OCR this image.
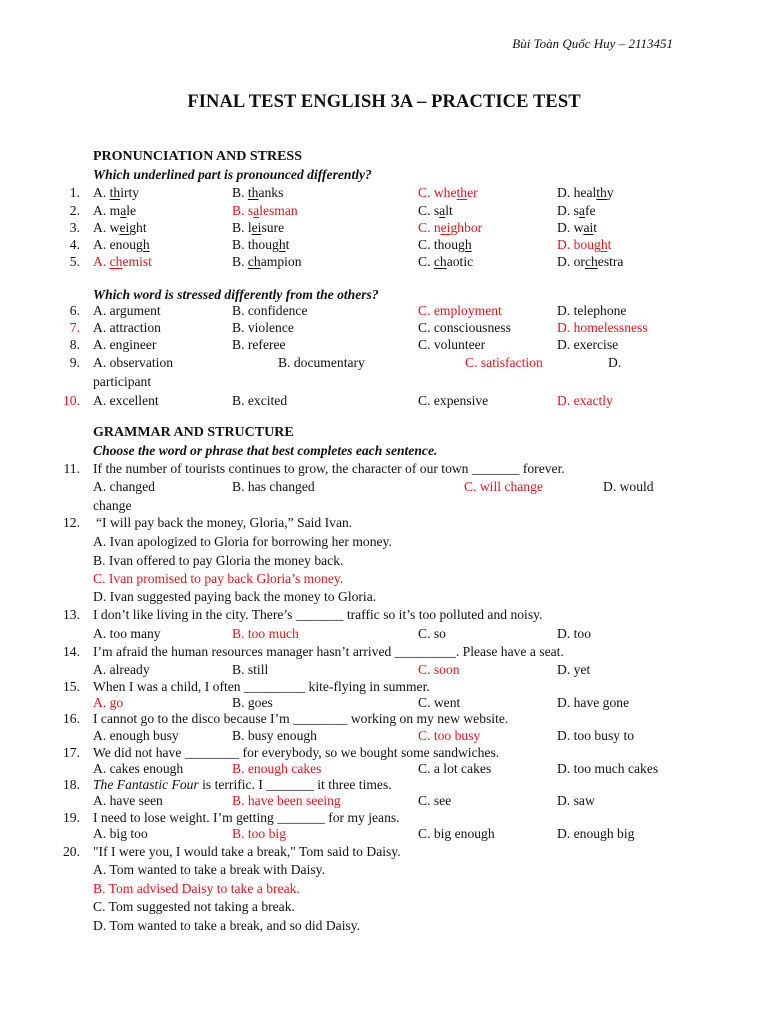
Bùi Toàn Quốc Huy – 2113451
FINAL TEST ENGLISH 3A – PRACTICE TEST
PRONUNCIATION AND STRESS
Which underlined part is pronounced differently?
1. A. thirty	B. thanks	C. whether	D. healthy
2. A. male	B. salesman	C. salt	D. safe
3. A. weight	B. leisure	C. neighbor	D. wait
4. A. enough	B. thought	C. though	D. bought
5. A. chemist	B. champion	C. chaotic	D. orchestra
Which word is stressed differently from the others?
6. A. argument	B. confidence	C. employment	D. telephone
7. A. attraction	B. violence	C. consciousness	D. homelessness
8. A. engineer	B. referee	C. volunteer	D. exercise
9. A. observation	B. documentary	C. satisfaction	D.
participant
10. A. excellent	B. excited	C. expensive	D. exactly
GRAMMAR AND STRUCTURE
Choose the word or phrase that best completes each sentence.
11. If the number of tourists continues to grow, the character of our town _______ forever.
A. changed	B. has changed	C. will change	D. would
change
12. “I will pay back the money, Gloria,” Said Ivan.
A. Ivan apologized to Gloria for borrowing her money.
B. Ivan offered to pay Gloria the money back.
C. Ivan promised to pay back Gloria’s money.
D. Ivan suggested paying back the money to Gloria.
13. I don’t like living in the city. There’s _______ traffic so it’s too polluted and noisy.
A. too many	B. too much	C. so	D. too
14. I’m afraid the human resources manager hasn’t arrived _________. Please have a seat.
A. already	B. still	C. soon	D. yet
15. When I was a child, I often _________ kite-flying in summer.
A. go	B. goes	C. went	D. have gone
16. I cannot go to the disco because I’m ________ working on my new website.
A. enough busy	B. busy enough	C. too busy	D. too busy to
17. We did not have ________ for everybody, so we bought some sandwiches.
A. cakes enough	B. enough cakes	C. a lot cakes	D. too much cakes
18. The Fantastic Four is terrific. I _______ it three times.
A. have seen	B. have been seeing	C. see	D. saw
19. I need to lose weight. I’m getting _______ for my jeans.
A. big too	B. too big	C. big enough	D. enough big
20. "If I were you, I would take a break," Tom said to Daisy.
A. Tom wanted to take a break with Daisy.
B. Tom advised Daisy to take a break.
C. Tom suggested not taking a break.
D. Tom wanted to take a break, and so did Daisy.
